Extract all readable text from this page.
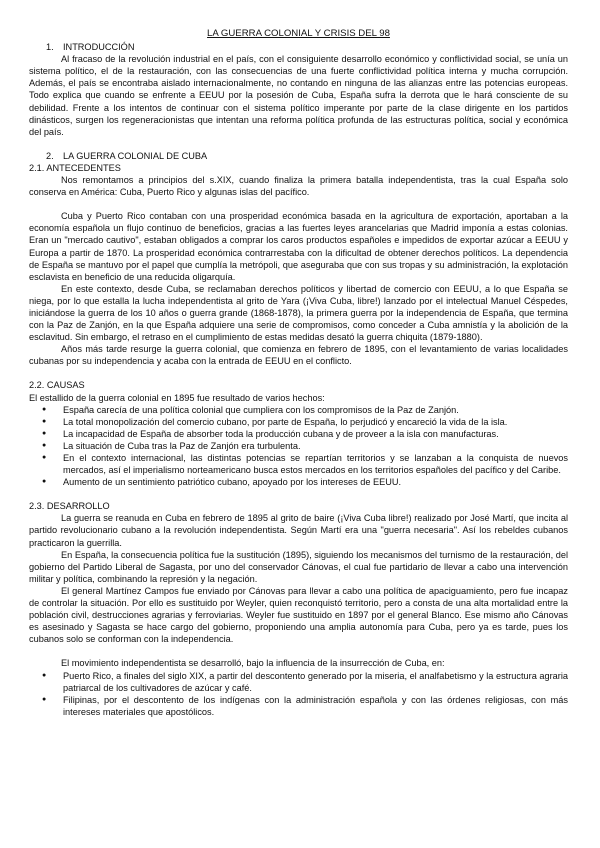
LA GUERRA COLONIAL Y CRISIS DEL 98
1. INTRODUCCIÓN

Al fracaso de la revolución industrial en el país, con el consiguiente desarrollo económico y conflictividad social, se unía un sistema político, el de la restauración, con las consecuencias de una fuerte conflictividad política interna y mucha corrupción. Además, el país se encontraba aislado internacionalmente, no contando en ninguna de las alianzas entre las potencias europeas. Todo explica que cuando se enfrente a EEUU por la posesión de Cuba, España sufra la derrota que le hará consciente de su debilidad. Frente a los intentos de continuar con el sistema político imperante por parte de la clase dirigente en los partidos dinásticos, surgen los regeneracionistas que intentan una reforma política profunda de las estructuras política, social y económica del país.

2. LA GUERRA COLONIAL DE CUBA
2.1. ANTECEDENTES

Nos remontamos a principios del s.XIX, cuando finaliza la primera batalla independentista, tras la cual España solo conserva en América: Cuba, Puerto Rico y algunas islas del pacífico.

Cuba y Puerto Rico contaban con una prosperidad económica basada en la agricultura de exportación, aportaban a la economía española un flujo continuo de beneficios, gracias a las fuertes leyes arancelarias que Madrid imponía a estas colonias. Eran un "mercado cautivo", estaban obligados a comprar los caros productos españoles e impedidos de exportar azúcar a EEUU y Europa a partir de 1870. La prosperidad económica contrarrestaba con la dificultad de obtener derechos políticos. La dependencia de España se mantuvo por el papel que cumplía la metrópoli, que aseguraba que con sus tropas y su administración, la explotación esclavista en beneficio de una reducida oligarquía.

En este contexto, desde Cuba, se reclamaban derechos políticos y libertad de comercio con EEUU, a lo que España se niega, por lo que estalla la lucha independentista al grito de Yara (¡Viva Cuba, libre!) lanzado por el intelectual Manuel Céspedes, iniciándose la guerra de los 10 años o guerra grande (1868-1878), la primera guerra por la independencia de España, que termina con la Paz de Zanjón, en la que España adquiere una serie de compromisos, como conceder a Cuba amnistía y la abolición de la esclavitud. Sin embargo, el retraso en el cumplimiento de estas medidas desató la guerra chiquita (1879-1880).

Años más tarde resurge la guerra colonial, que comienza en febrero de 1895, con el levantamiento de varias localidades cubanas por su independencia y acaba con la entrada de EEUU en el conflicto.

2.2. CAUSAS

El estallido de la guerra colonial en 1895 fue resultado de varios hechos:

● España carecía de una política colonial que cumpliera con los compromisos de la Paz de Zanjón.
● La total monopolización del comercio cubano, por parte de España, lo perjudicó y encareció la vida de la isla.
● La incapacidad de España de absorber toda la producción cubana y de proveer a la isla con manufacturas.
● La situación de Cuba tras la Paz de Zanjón era turbulenta.
● En el contexto internacional, las distintas potencias se repartían territorios y se lanzaban a la conquista de nuevos mercados, así el imperialismo norteamericano busca estos mercados en los territorios españoles del pacífico y del Caribe.
● Aumento de un sentimiento patriótico cubano, apoyado por los intereses de EEUU.
2.3. DESARROLLO

La guerra se reanuda en Cuba en febrero de 1895 al grito de baire (¡Viva Cuba libre!) realizado por José Martí, que incita al partido revolucionario cubano a la revolución independentista. Según Martí era una "guerra necesaria". Así los rebeldes cubanos practicaron la guerrilla.

En España, la consecuencia política fue la sustitución (1895), siguiendo los mecanismos del turnismo de la restauración, del gobierno del Partido Liberal de Sagasta, por uno del conservador Cánovas, el cual fue partidario de llevar a cabo una intervención militar y política, combinando la represión y la negación.

El general Martínez Campos fue enviado por Cánovas para llevar a cabo una política de apaciguamiento, pero fue incapaz de controlar la situación. Por ello es sustituido por Weyler, quien reconquistó territorio, pero a consta de una alta mortalidad entre la población civil, destrucciones agrarias y ferroviarias. Weyler fue sustituido en 1897 por el general Blanco. Ese mismo año Cánovas es asesinado y Sagasta se hace cargo del gobierno, proponiendo una amplia autonomía para Cuba, pero ya es tarde, pues los cubanos solo se conforman con la independencia.

El movimiento independentista se desarrolló, bajo la influencia de la insurrección de Cuba, en:

● Puerto Rico, a finales del siglo XIX, a partir del descontento generado por la miseria, el analfabetismo y la estructura agraria patriarcal de los cultivadores de azúcar y café.
● Filipinas, por el descontento de los indígenas con la administración española y con las órdenes religiosas, con más intereses materiales que apostólicos.
